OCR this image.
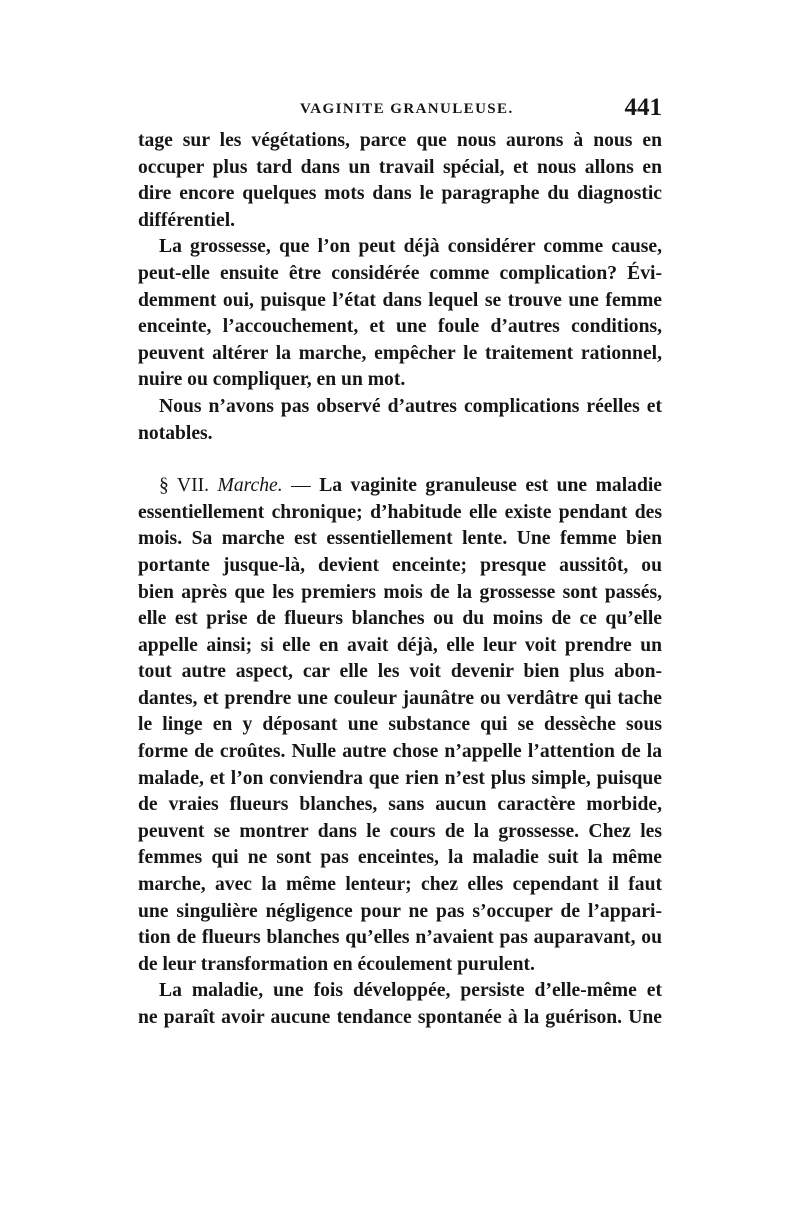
VAGINITE GRANULEUSE.	441
tage sur les végétations, parce que nous aurons à nous en
occuper plus tard dans un travail spécial, et nous allons en
dire encore quelques mots dans le paragraphe du diagnostic
différentiel.
La grossesse, que l’on peut déjà considérer comme cause,
peut-elle ensuite être considérée comme complication? Évi-
demment oui, puisque l’état dans lequel se trouve une femme
enceinte, l’accouchement, et une foule d’autres conditions,
peuvent altérer la marche, empêcher le traitement rationnel,
nuire ou compliquer, en un mot.
Nous n’avons pas observé d’autres complications réelles et
notables.
§ VII. Marche. — La vaginite granuleuse est une maladie
essentiellement chronique; d’habitude elle existe pendant des
mois. Sa marche est essentiellement lente. Une femme bien
portante jusque-là, devient enceinte; presque aussitôt, ou
bien après que les premiers mois de la grossesse sont passés,
elle est prise de flueurs blanches ou du moins de ce qu’elle
appelle ainsi; si elle en avait déjà, elle leur voit prendre un
tout autre aspect, car elle les voit devenir bien plus abon-
dantes, et prendre une couleur jaunâtre ou verdâtre qui tache
le linge en y déposant une substance qui se dessèche sous
forme de croûtes. Nulle autre chose n’appelle l’attention de la
malade, et l’on conviendra que rien n’est plus simple, puisque
de vraies flueurs blanches, sans aucun caractère morbide,
peuvent se montrer dans le cours de la grossesse. Chez les
femmes qui ne sont pas enceintes, la maladie suit la même
marche, avec la même lenteur; chez elles cependant il faut
une singulière négligence pour ne pas s’occuper de l’appari-
tion de flueurs blanches qu’elles n’avaient pas auparavant, ou
de leur transformation en écoulement purulent.
La maladie, une fois développée, persiste d’elle-même et
ne paraît avoir aucune tendance spontanée à la guérison. Une
